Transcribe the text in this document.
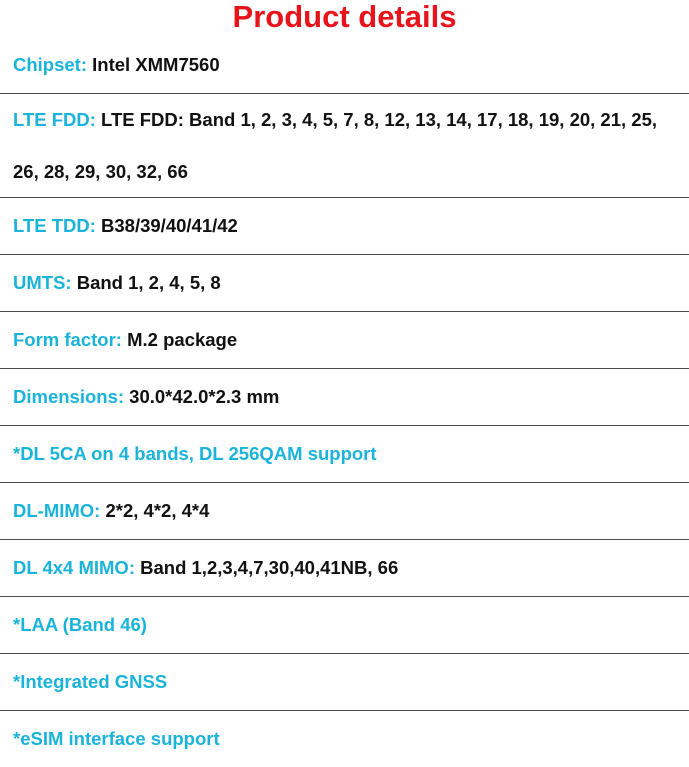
Product details
Chipset: Intel XMM7560
LTE FDD: LTE FDD: Band 1, 2, 3, 4, 5, 7, 8, 12, 13, 14, 17, 18, 19, 20, 21, 25, 26, 28, 29, 30, 32, 66
LTE TDD: B38/39/40/41/42
UMTS: Band 1, 2, 4, 5, 8
Form factor: M.2 package
Dimensions: 30.0*42.0*2.3 mm
*DL 5CA on 4 bands, DL 256QAM support
DL-MIMO: 2*2, 4*2, 4*4
DL 4x4 MIMO: Band 1,2,3,4,7,30,40,41NB, 66
*LAA (Band 46)
*Integrated GNSS
*eSIM interface support
